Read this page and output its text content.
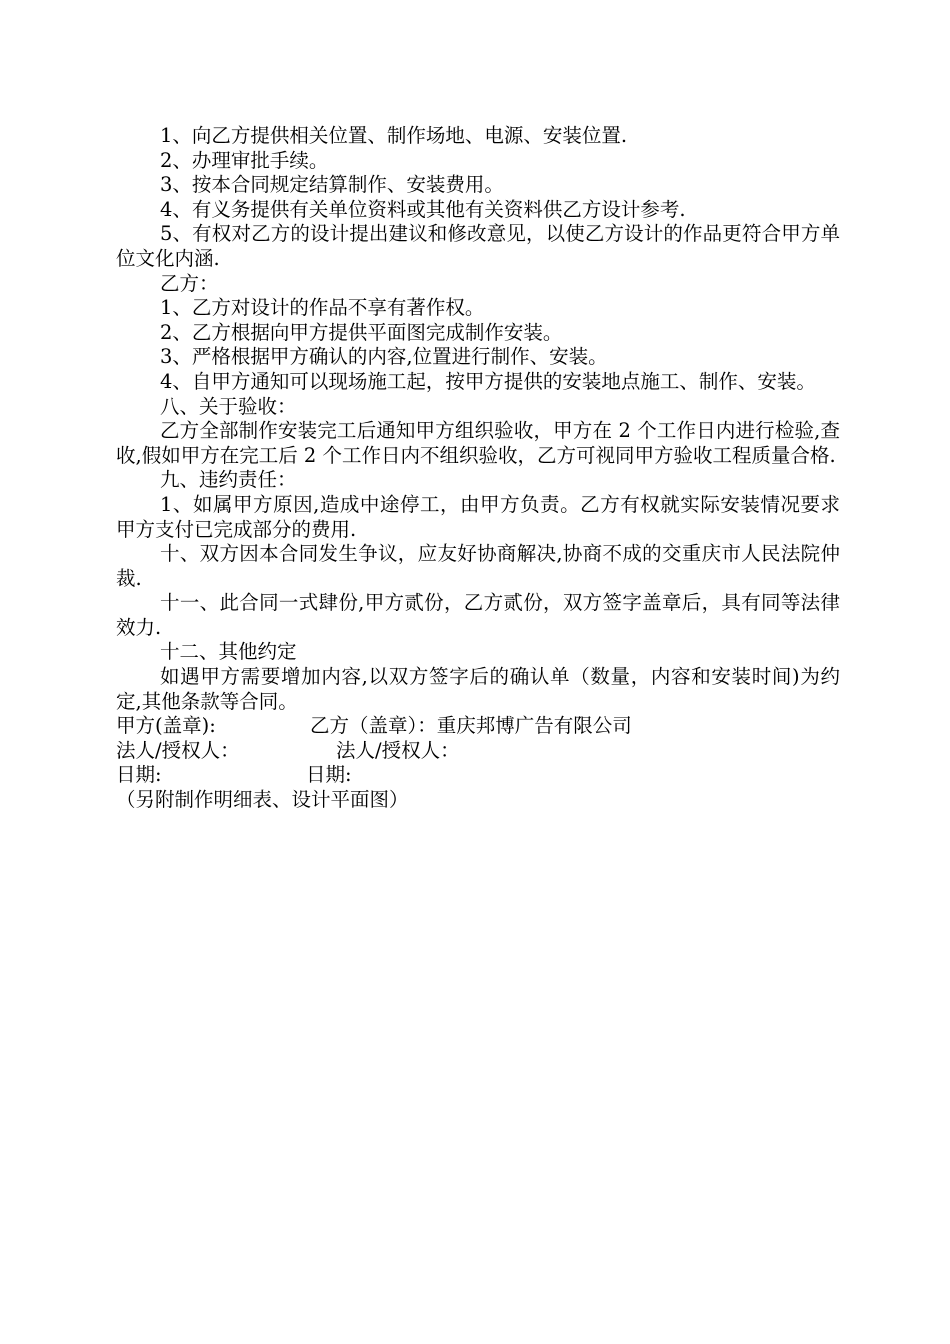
1、向乙方提供相关位置、制作场地、电源、安装位置.

2、办理审批手续。

3、按本合同规定结算制作、安装费用。

4、有义务提供有关单位资料或其他有关资料供乙方设计参考.

5、有权对乙方的设计提出建议和修改意见，以使乙方设计的作品更符合甲方单位文化内涵.

乙方：

1、乙方对设计的作品不享有著作权。

2、乙方根据向甲方提供平面图完成制作安装。

3、严格根据甲方确认的内容,位置进行制作、安装。

4、自甲方通知可以现场施工起，按甲方提供的安装地点施工、制作、安装。

八、关于验收：

乙方全部制作安装完工后通知甲方组织验收，甲方在 2 个工作日内进行检验,查收,假如甲方在完工后 2 个工作日内不组织验收，乙方可视同甲方验收工程质量合格.

九、违约责任：

1、如属甲方原因,造成中途停工，由甲方负责。乙方有权就实际安装情况要求甲方支付已完成部分的费用.

十、双方因本合同发生争议，应友好协商解决,协商不成的交重庆市人民法院仲裁.

十一、此合同一式肆份,甲方贰份，乙方贰份，双方签字盖章后，具有同等法律效力.

十二、其他约定

如遇甲方需要增加内容,以双方签字后的确认单（数量，内容和安装时间)为约定,其他条款等合同。

甲方(盖章):	乙方（盖章）：重庆邦博广告有限公司
法人/授权人：	法人/授权人：
日期:	日期:

（另附制作明细表、设计平面图）
